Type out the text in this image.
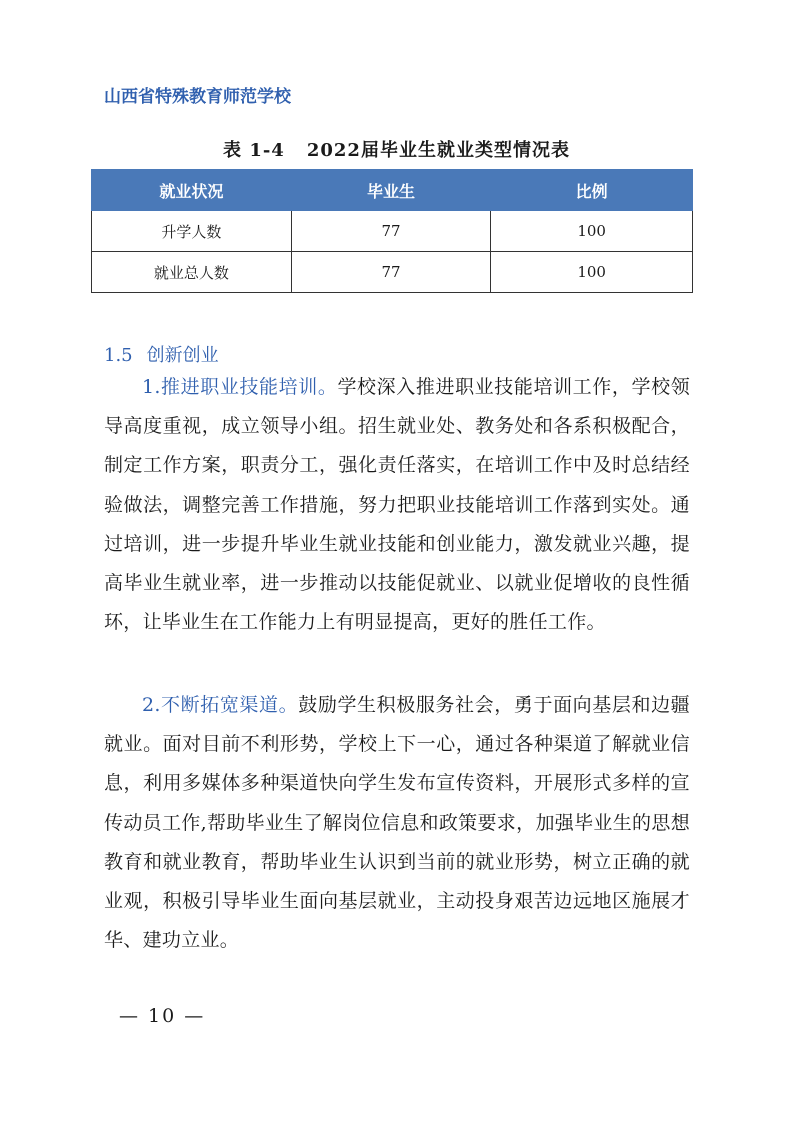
山西省特殊教育师范学校
表 1-4 2022届毕业生就业类型情况表
就业状况	毕业生	比例
升学人数	77	100
就业总人数	77	100
1.5 创新创业
1.推进职业技能培训。学校深入推进职业技能培训工作，学校领导高度重视，成立领导小组。招生就业处、教务处和各系积极配合，制定工作方案，职责分工，强化责任落实，在培训工作中及时总结经验做法，调整完善工作措施，努力把职业技能培训工作落到实处。通过培训，进一步提升毕业生就业技能和创业能力，激发就业兴趣，提高毕业生就业率，进一步推动以技能促就业、以就业促增收的良性循环，让毕业生在工作能力上有明显提高，更好的胜任工作。
2.不断拓宽渠道。鼓励学生积极服务社会，勇于面向基层和边疆就业。面对目前不利形势，学校上下一心，通过各种渠道了解就业信息，利用多媒体多种渠道快向学生发布宣传资料，开展形式多样的宣传动员工作,帮助毕业生了解岗位信息和政策要求，加强毕业生的思想教育和就业教育，帮助毕业生认识到当前的就业形势，树立正确的就业观，积极引导毕业生面向基层就业，主动投身艰苦边远地区施展才华、建功立业。
— 10 —
